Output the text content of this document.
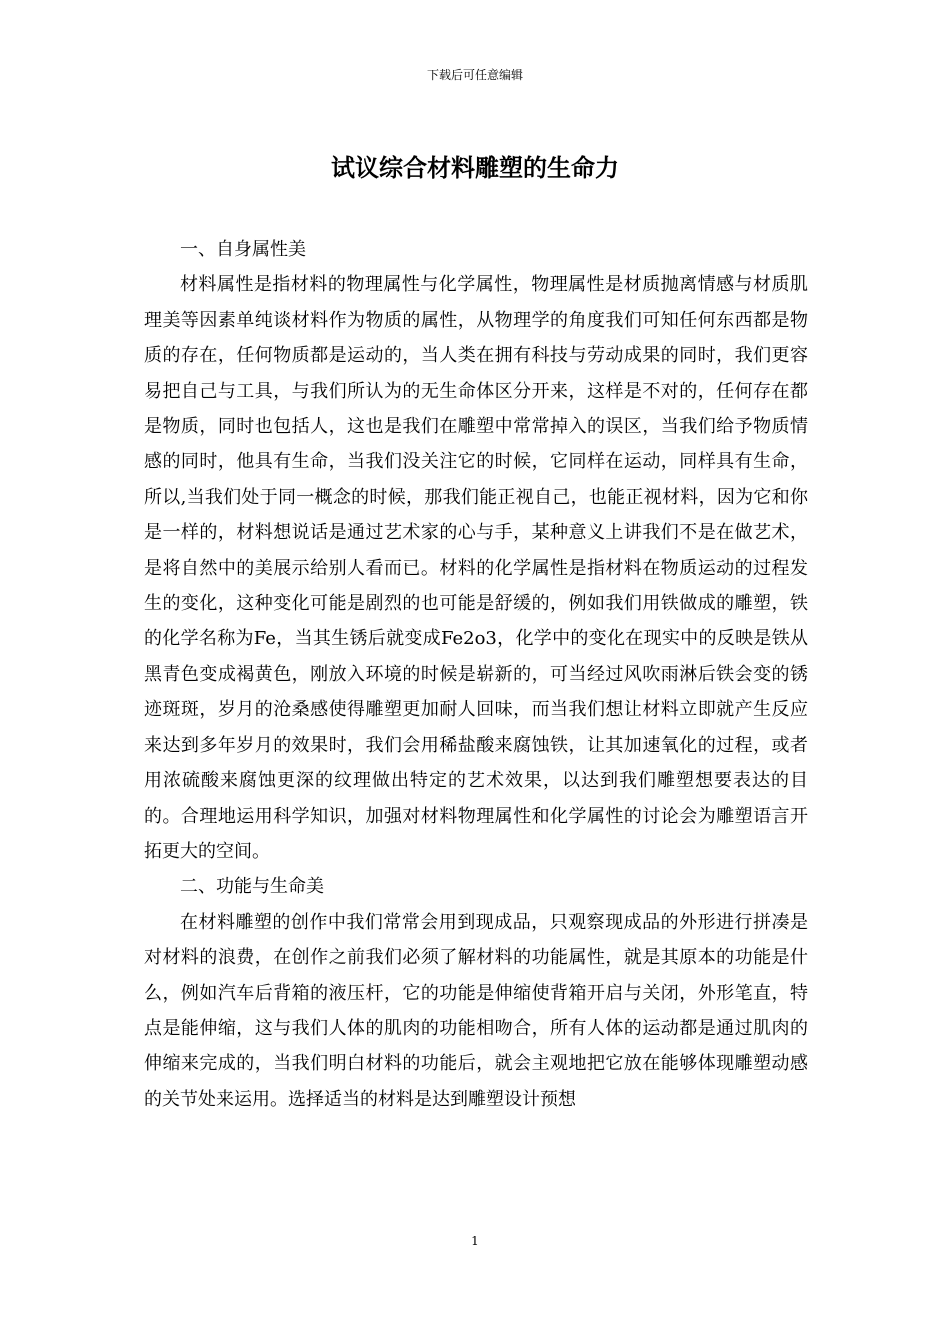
下载后可任意编辑
试议综合材料雕塑的生命力

一、自身属性美

材料属性是指材料的物理属性与化学属性，物理属性是材质抛离情感与材质肌理美等因素单纯谈材料作为物质的属性，从物理学的角度我们可知任何东西都是物质的存在，任何物质都是运动的，当人类在拥有科技与劳动成果的同时，我们更容易把自己与工具，与我们所认为的无生命体区分开来，这样是不对的，任何存在都是物质，同时也包括人，这也是我们在雕塑中常常掉入的误区，当我们给予物质情感的同时，他具有生命，当我们没关注它的时候，它同样在运动，同样具有生命，所以,当我们处于同一概念的时候，那我们能正视自己，也能正视材料，因为它和你是一样的，材料想说话是通过艺术家的心与手，某种意义上讲我们不是在做艺术，是将自然中的美展示给别人看而已。材料的化学属性是指材料在物质运动的过程发生的变化，这种变化可能是剧烈的也可能是舒缓的，例如我们用铁做成的雕塑，铁的化学名称为Fe，当其生锈后就变成Fe2o3，化学中的变化在现实中的反映是铁从黑青色变成褐黄色，刚放入环境的时候是崭新的，可当经过风吹雨淋后铁会变的锈迹斑斑，岁月的沧桑感使得雕塑更加耐人回味，而当我们想让材料立即就产生反应来达到多年岁月的效果时，我们会用稀盐酸来腐蚀铁，让其加速氧化的过程，或者用浓硫酸来腐蚀更深的纹理做出特定的艺术效果，以达到我们雕塑想要表达的目的。合理地运用科学知识，加强对材料物理属性和化学属性的讨论会为雕塑语言开拓更大的空间。

二、功能与生命美

在材料雕塑的创作中我们常常会用到现成品，只观察现成品的外形进行拼凑是对材料的浪费，在创作之前我们必须了解材料的功能属性，就是其原本的功能是什么，例如汽车后背箱的液压杆，它的功能是伸缩使背箱开启与关闭，外形笔直，特点是能伸缩，这与我们人体的肌肉的功能相吻合，所有人体的运动都是通过肌肉的伸缩来完成的，当我们明白材料的功能后，就会主观地把它放在能够体现雕塑动感的关节处来运用。选择适当的材料是达到雕塑设计预想

1
